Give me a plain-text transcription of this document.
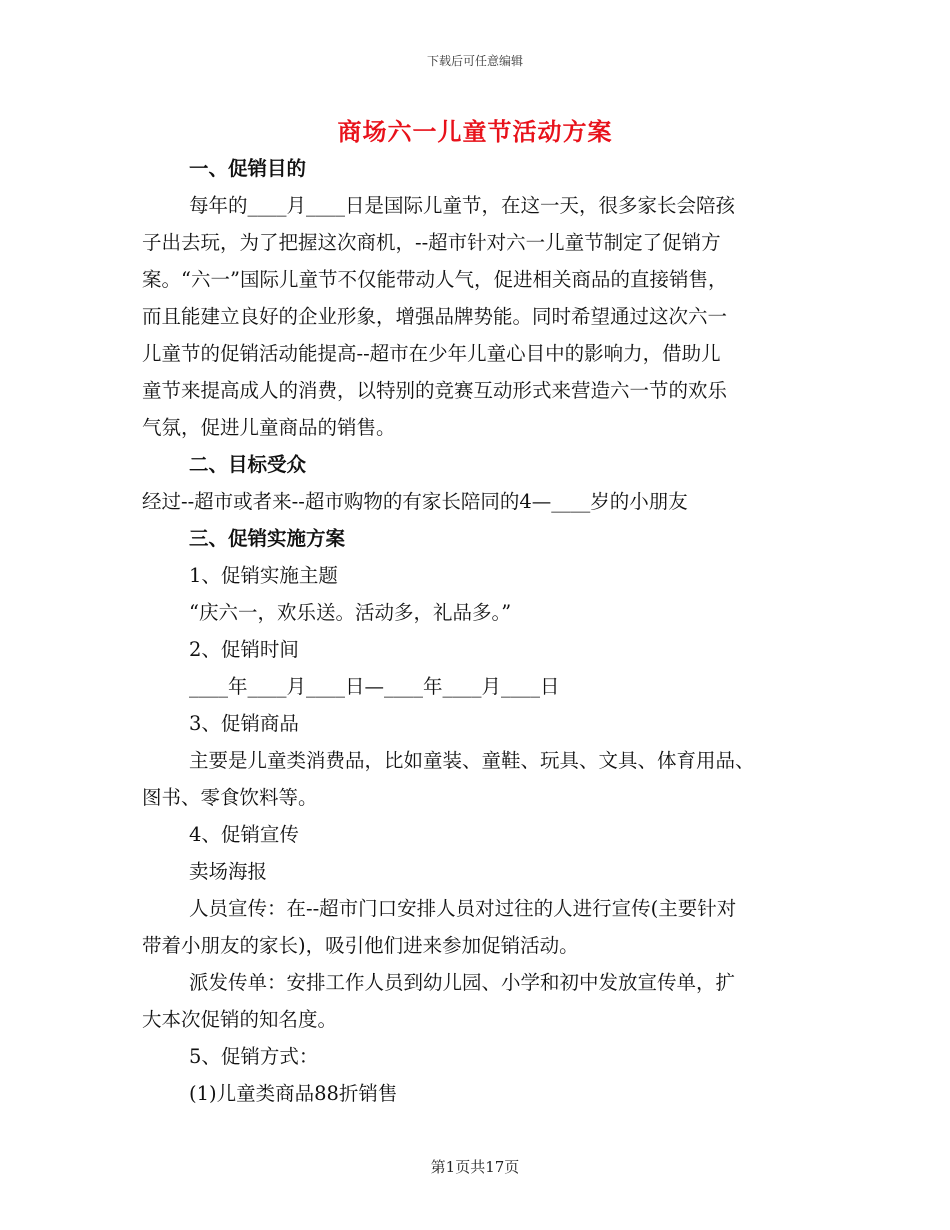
下载后可任意编辑
商场六一儿童节活动方案
一、促销目的
每年的____月____日是国际儿童节，在这一天，很多家长会陪孩
子出去玩，为了把握这次商机，--超市针对六一儿童节制定了促销方
案。“六一”国际儿童节不仅能带动人气，促进相关商品的直接销售，
而且能建立良好的企业形象，增强品牌势能。同时希望通过这次六一
儿童节的促销活动能提高--超市在少年儿童心目中的影响力，借助儿
童节来提高成人的消费，以特别的竞赛互动形式来营造六一节的欢乐
气氛，促进儿童商品的销售。
二、目标受众
经过--超市或者来--超市购物的有家长陪同的4—____岁的小朋友
三、促销实施方案
1、促销实施主题
“庆六一，欢乐送。活动多，礼品多。”
2、促销时间
____年____月____日—____年____月____日
3、促销商品
主要是儿童类消费品，比如童装、童鞋、玩具、文具、体育用品、
图书、零食饮料等。
4、促销宣传
卖场海报
人员宣传：在--超市门口安排人员对过往的人进行宣传(主要针对
带着小朋友的家长)，吸引他们进来参加促销活动。
派发传单：安排工作人员到幼儿园、小学和初中发放宣传单，扩
大本次促销的知名度。
5、促销方式：
(1)儿童类商品88折销售
第1页共17页
